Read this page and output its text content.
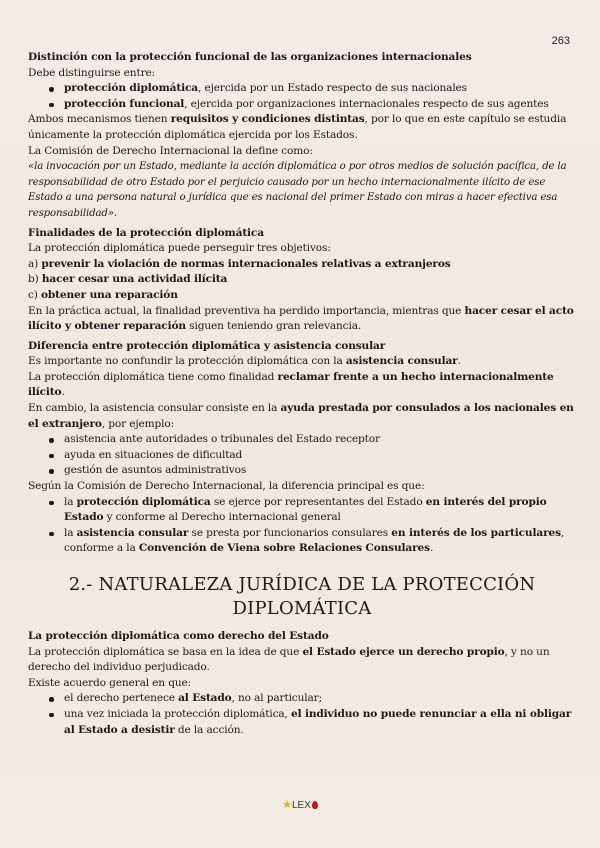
263

Distinción con la protección funcional de las organizaciones internacionales

Debe distinguirse entre:

protección diplomática, ejercida por un Estado respecto de sus nacionales
protección funcional, ejercida por organizaciones internacionales respecto de sus agentes

Ambos mecanismos tienen requisitos y condiciones distintas, por lo que en este capítulo se estudia únicamente la protección diplomática ejercida por los Estados.

La Comisión de Derecho Internacional la define como:

«la invocación por un Estado, mediante la acción diplomática o por otros medios de solución pacífica, de la responsabilidad de otro Estado por el perjuicio causado por un hecho internacionalmente ilícito de ese Estado a una persona natural o jurídica que es nacional del primer Estado con miras a hacer efectiva esa responsabilidad».

Finalidades de la protección diplomática

La protección diplomática puede perseguir tres objetivos:

a) prevenir la violación de normas internacionales relativas a extranjeros

b) hacer cesar una actividad ilícita

c) obtener una reparación

En la práctica actual, la finalidad preventiva ha perdido importancia, mientras que hacer cesar el acto ilícito y obtener reparación siguen teniendo gran relevancia.

Diferencia entre protección diplomática y asistencia consular

Es importante no confundir la protección diplomática con la asistencia consular.

La protección diplomática tiene como finalidad reclamar frente a un hecho internacionalmente ilícito.

En cambio, la asistencia consular consiste en la ayuda prestada por consulados a los nacionales en el extranjero, por ejemplo:

asistencia ante autoridades o tribunales del Estado receptor
ayuda en situaciones de dificultad
gestión de asuntos administrativos

Según la Comisión de Derecho Internacional, la diferencia principal es que:

la protección diplomática se ejerce por representantes del Estado en interés del propio Estado y conforme al Derecho internacional general
la asistencia consular se presta por funcionarios consulares en interés de los particulares, conforme a la Convención de Viena sobre Relaciones Consulares.
2.- NATURALEZA JURÍDICA DE LA PROTECCIÓN DIPLOMÁTICA

La protección diplomática como derecho del Estado

La protección diplomática se basa en la idea de que el Estado ejerce un derecho propio, y no un derecho del individuo perjudicado.

Existe acuerdo general en que:

el derecho pertenece al Estado, no al particular;
una vez iniciada la protección diplomática, el individuo no puede renunciar a ella ni obligar al Estado a desistir de la acción.
★LEX
